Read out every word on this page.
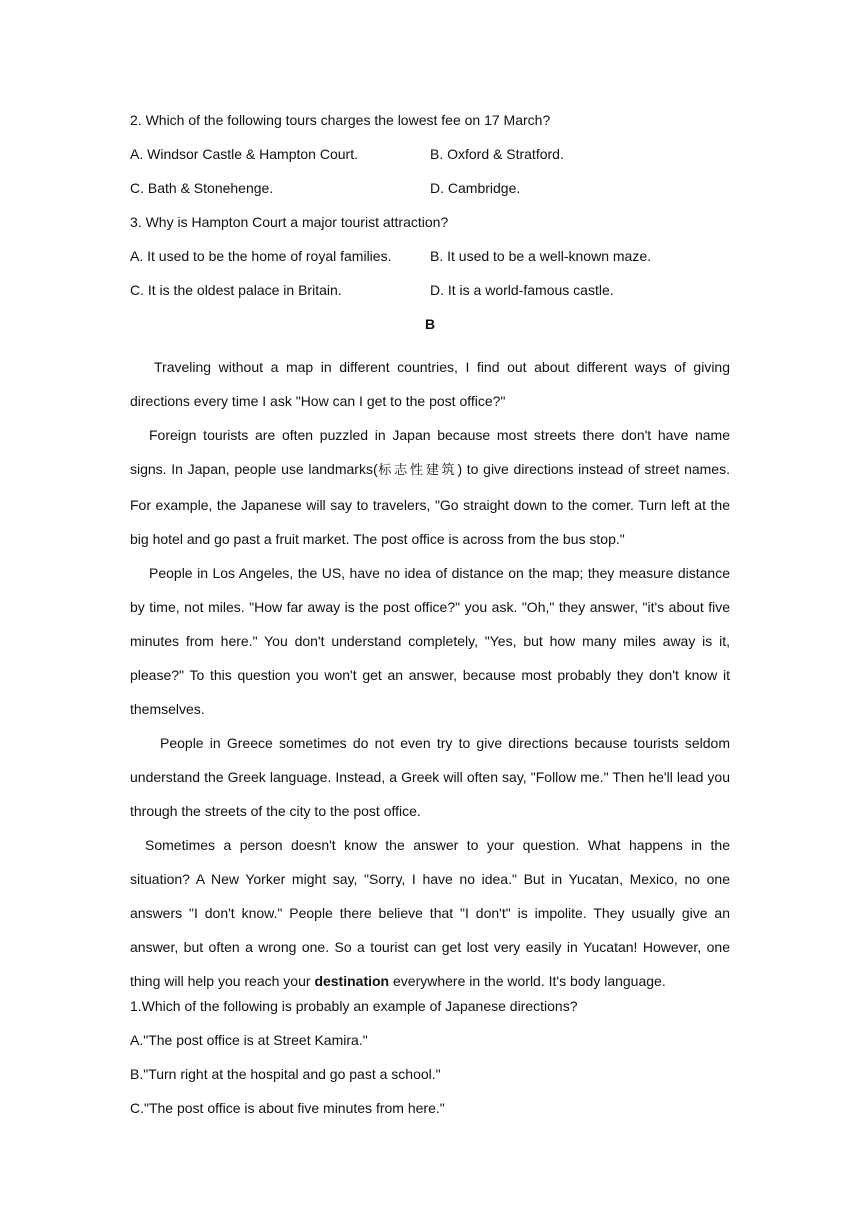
2. Which of the following tours charges the lowest fee on 17 March?
A. Windsor Castle & Hampton Court.	B. Oxford & Stratford.
C. Bath & Stonehenge.	D. Cambridge.
3. Why is Hampton Court a major tourist attraction?
A. It used to be the home of royal families.	B. It used to be a well-known maze.
C. It is the oldest palace in Britain.	D. It is a world-famous castle.
B

Traveling without a map in different countries, I find out about different ways of giving directions every time I ask "How can I get to the post office?"

Foreign tourists are often puzzled in Japan because most streets there don't have name signs. In Japan, people use landmarks(标志性建筑) to give directions instead of street names. For example, the Japanese will say to travelers, "Go straight down to the comer. Turn left at the big hotel and go past a fruit market. The post office is across from the bus stop."

People in Los Angeles, the US, have no idea of distance on the map; they measure distance by time, not miles. "How far away is the post office?" you ask. "Oh," they answer, "it's about five minutes from here." You don't understand completely, "Yes, but how many miles away is it, please?" To this question you won't get an answer, because most probably they don't know it themselves.

People in Greece sometimes do not even try to give directions because tourists seldom understand the Greek language. Instead, a Greek will often say, "Follow me." Then he'll lead you through the streets of the city to the post office.

Sometimes a person doesn't know the answer to your question. What happens in the situation? A New Yorker might say, "Sorry, I have no idea." But in Yucatan, Mexico, no one answers "I don't know." People there believe that "I don't" is impolite. They usually give an answer, but often a wrong one. So a tourist can get lost very easily in Yucatan! However, one thing will help you reach your destination everywhere in the world. It's body language.

1.Which of the following is probably an example of Japanese directions?
A."The post office is at Street Kamira."
B."Turn right at the hospital and go past a school."
C."The post office is about five minutes from here."
